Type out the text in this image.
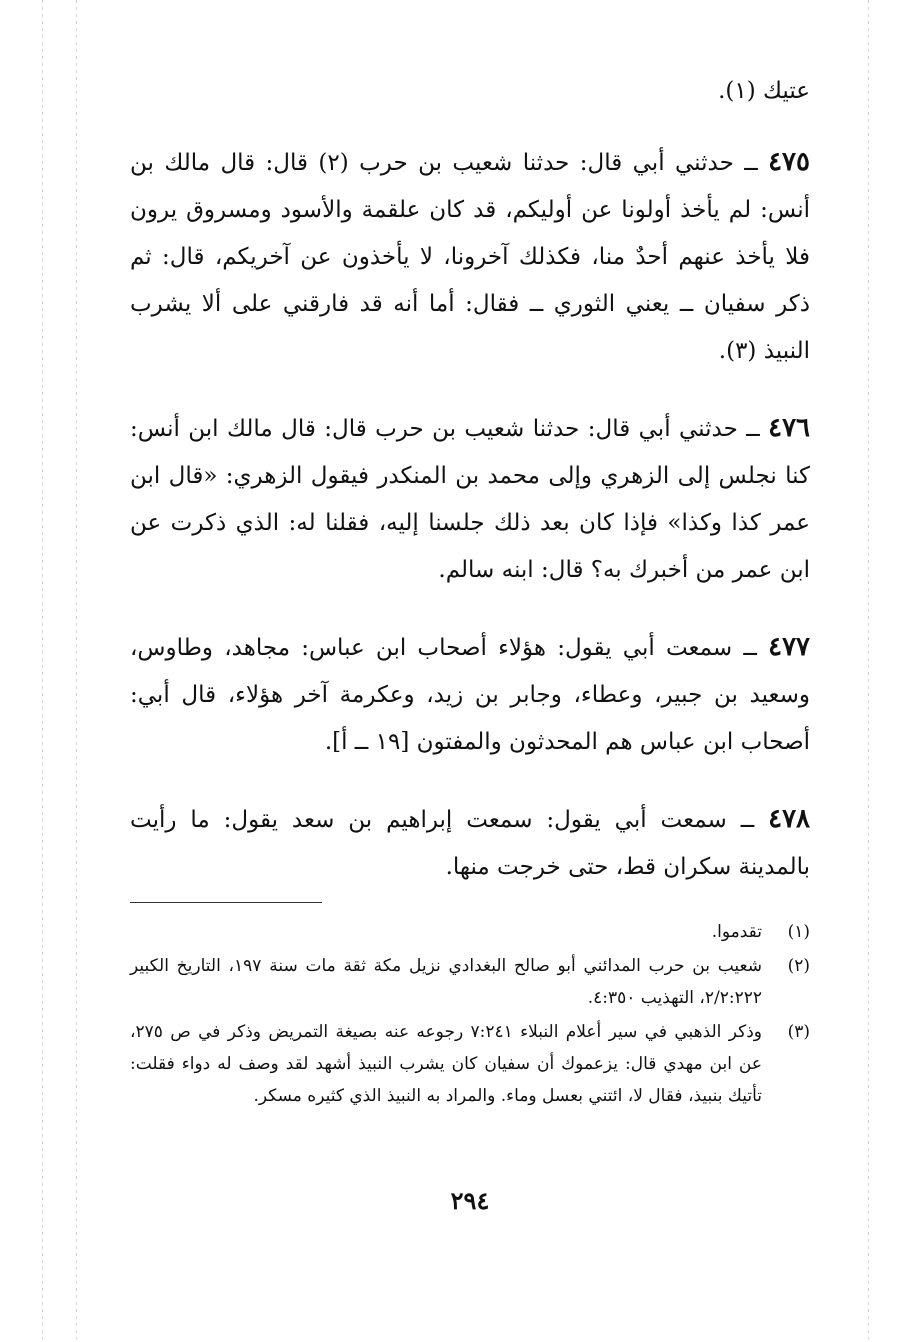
عتيك (١).

٤٧٥ ــ حدثني أبي قال: حدثنا شعيب بن حرب (٢) قال: قال مالك بن أنس: لم يأخذ أولونا عن أوليكم، قد كان علقمة والأسود ومسروق يرون فلا يأخذ عنهم أحدٌ منا، فكذلك آخرونا، لا يأخذون عن آخريكم، قال: ثم ذكر سفيان ــ يعني الثوري ــ فقال: أما أنه قد فارقني على ألا يشرب النبيذ (٣).

٤٧٦ ــ حدثني أبي قال: حدثنا شعيب بن حرب قال: قال مالك ابن أنس: كنا نجلس إلى الزهري وإلى محمد بن المنكدر فيقول الزهري: «قال ابن عمر كذا وكذا» فإذا كان بعد ذلك جلسنا إليه، فقلنا له: الذي ذكرت عن ابن عمر من أخبرك به؟ قال: ابنه سالم.

٤٧٧ ــ سمعت أبي يقول: هؤلاء أصحاب ابن عباس: مجاهد، وطاوس، وسعيد بن جبير، وعطاء، وجابر بن زيد، وعكرمة آخر هؤلاء، قال أبي: أصحاب ابن عباس هم المحدثون والمفتون [١٩ ــ أ].

٤٧٨ ــ سمعت أبي يقول: سمعت إبراهيم بن سعد يقول: ما رأيت بالمدينة سكران قط، حتى خرجت منها.

(١)
تقدموا.
(٢)
شعيب بن حرب المدائني أبو صالح البغدادي نزيل مكة ثقة مات سنة ١٩٧، التاريخ الكبير ٢/٢:٢٢٢، التهذيب ٤:٣٥٠.
(٣)
وذكر الذهبي في سير أعلام النبلاء ٧:٢٤١ رجوعه عنه بصيغة التمريض وذكر في ص ٢٧٥، عن ابن مهدي قال: يزعموك أن سفيان كان يشرب النبيذ أشهد لقد وصف له دواء فقلت: تأتيك بنبيذ، فقال لا، ائتني بعسل وماء. والمراد به النبيذ الذي كثيره مسكر.
٢٩٤
